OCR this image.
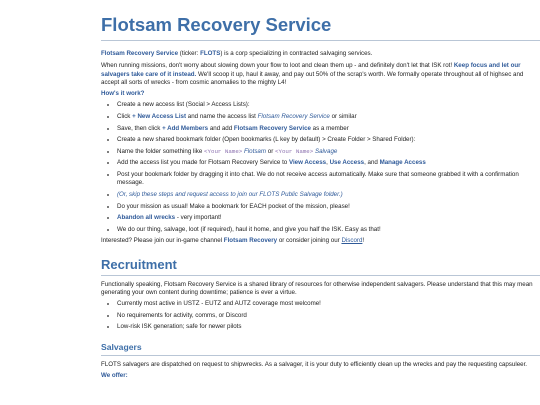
Flotsam Recovery Service

Flotsam Recovery Service (ticker: FLOTS) is a corp specializing in contracted salvaging services.

When running missions, don't worry about slowing down your flow to loot and clean them up - and definitely don't let that ISK rot! Keep focus and let our salvagers take care of it instead. We'll scoop it up, haul it away, and pay out 50% of the scrap's worth. We formally operate throughout all of highsec and accept all sorts of wrecks - from cosmic anomalies to the mighty L4!

How's it work?

• Create a new access list (Social > Access Lists):
• Click + New Access List and name the access list Flotsam Recovery Service or similar
• Save, then click + Add Members and add Flotsam Recovery Service as a member
• Create a new shared bookmark folder (Open bookmarks (L key by default) > Create Folder > Shared Folder):
• Name the folder something like <Your Name> Flotsam or <Your Name> Salvage
• Add the access list you made for Flotsam Recovery Service to View Access, Use Access, and Manage Access
• Post your bookmark folder by dragging it into chat. We do not receive access automatically. Make sure that someone grabbed it with a confirmation message.
• (Or, skip these steps and request access to join our FLOTS Public Salvage folder.)
• Do your mission as usual! Make a bookmark for EACH pocket of the mission, please!
• Abandon all wrecks - very important!
• We do our thing, salvage, loot (if required), haul it home, and give you half the ISK. Easy as that!

Interested? Please join our in-game channel Flotsam Recovery or consider joining our Discord!

Recruitment

Functionally speaking, Flotsam Recovery Service is a shared library of resources for otherwise independent salvagers. Please understand that this may mean generating your own content during downtime; patience is ever a virtue.

• Currently most active in USTZ - EUTZ and AUTZ coverage most welcome!
• No requirements for activity, comms, or Discord
• Low-risk ISK generation; safe for newer pilots
Salvagers

FLOTS salvagers are dispatched on request to shipwrecks. As a salvager, it is your duty to efficiently clean up the wrecks and pay the requesting capsuleer.

We offer:
